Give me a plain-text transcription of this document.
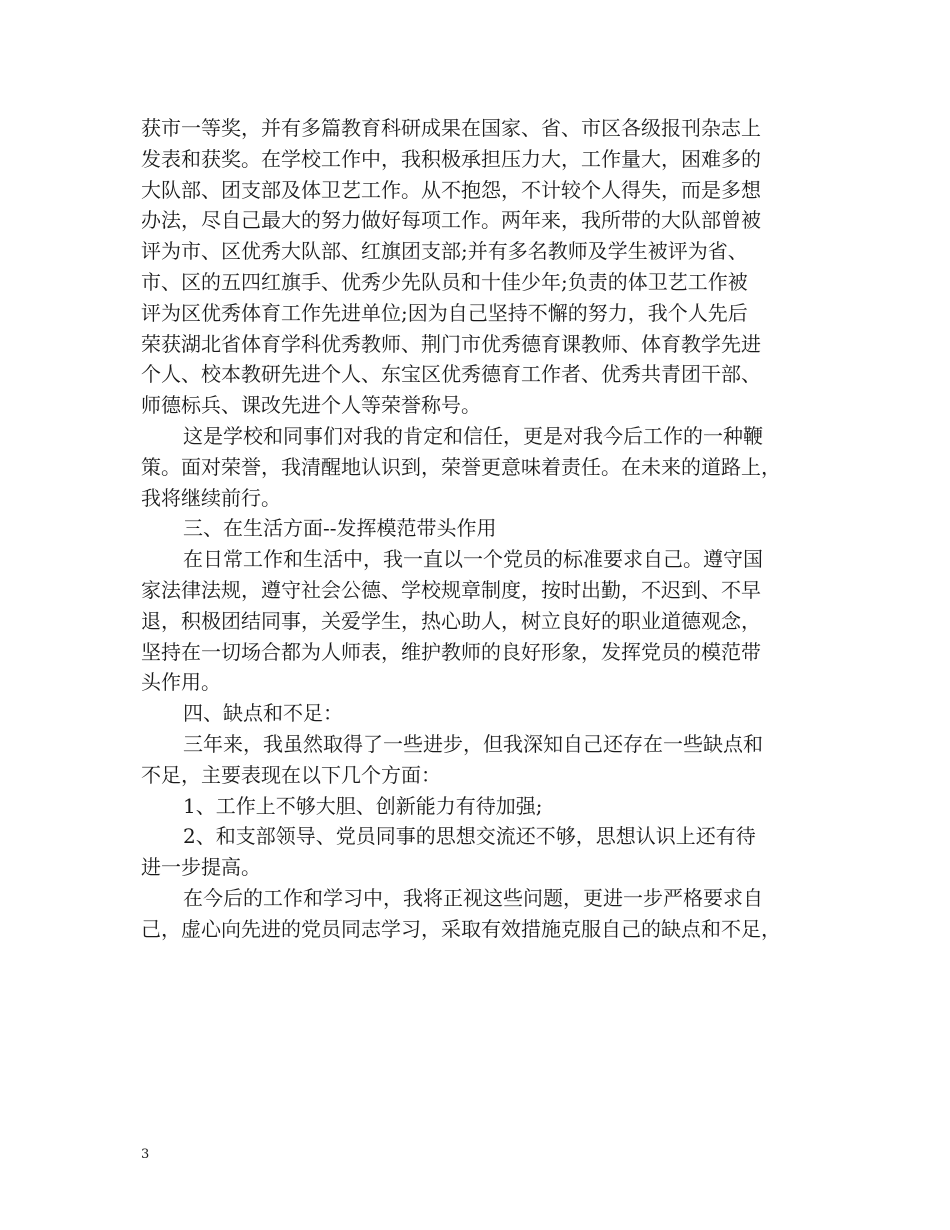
获市一等奖，并有多篇教育科研成果在国家、省、市区各级报刊杂志上
发表和获奖。在学校工作中，我积极承担压力大，工作量大，困难多的
大队部、团支部及体卫艺工作。从不抱怨，不计较个人得失，而是多想
办法，尽自己最大的努力做好每项工作。两年来，我所带的大队部曾被
评为市、区优秀大队部、红旗团支部;并有多名教师及学生被评为省、
市、区的五四红旗手、优秀少先队员和十佳少年;负责的体卫艺工作被
评为区优秀体育工作先进单位;因为自己坚持不懈的努力，我个人先后
荣获湖北省体育学科优秀教师、荆门市优秀德育课教师、体育教学先进
个人、校本教研先进个人、东宝区优秀德育工作者、优秀共青团干部、
师德标兵、课改先进个人等荣誉称号。
这是学校和同事们对我的肯定和信任，更是对我今后工作的一种鞭
策。面对荣誉，我清醒地认识到，荣誉更意味着责任。在未来的道路上，
我将继续前行。
三、在生活方面--发挥模范带头作用
在日常工作和生活中，我一直以一个党员的标准要求自己。遵守国
家法律法规，遵守社会公德、学校规章制度，按时出勤，不迟到、不早
退，积极团结同事，关爱学生，热心助人，树立良好的职业道德观念，
坚持在一切场合都为人师表，维护教师的良好形象，发挥党员的模范带
头作用。
四、缺点和不足：
三年来，我虽然取得了一些进步，但我深知自己还存在一些缺点和
不足，主要表现在以下几个方面：
1、工作上不够大胆、创新能力有待加强;
2、和支部领导、党员同事的思想交流还不够，思想认识上还有待
进一步提高。
在今后的工作和学习中，我将正视这些问题，更进一步严格要求自
己，虚心向先进的党员同志学习，采取有效措施克服自己的缺点和不足，
3
